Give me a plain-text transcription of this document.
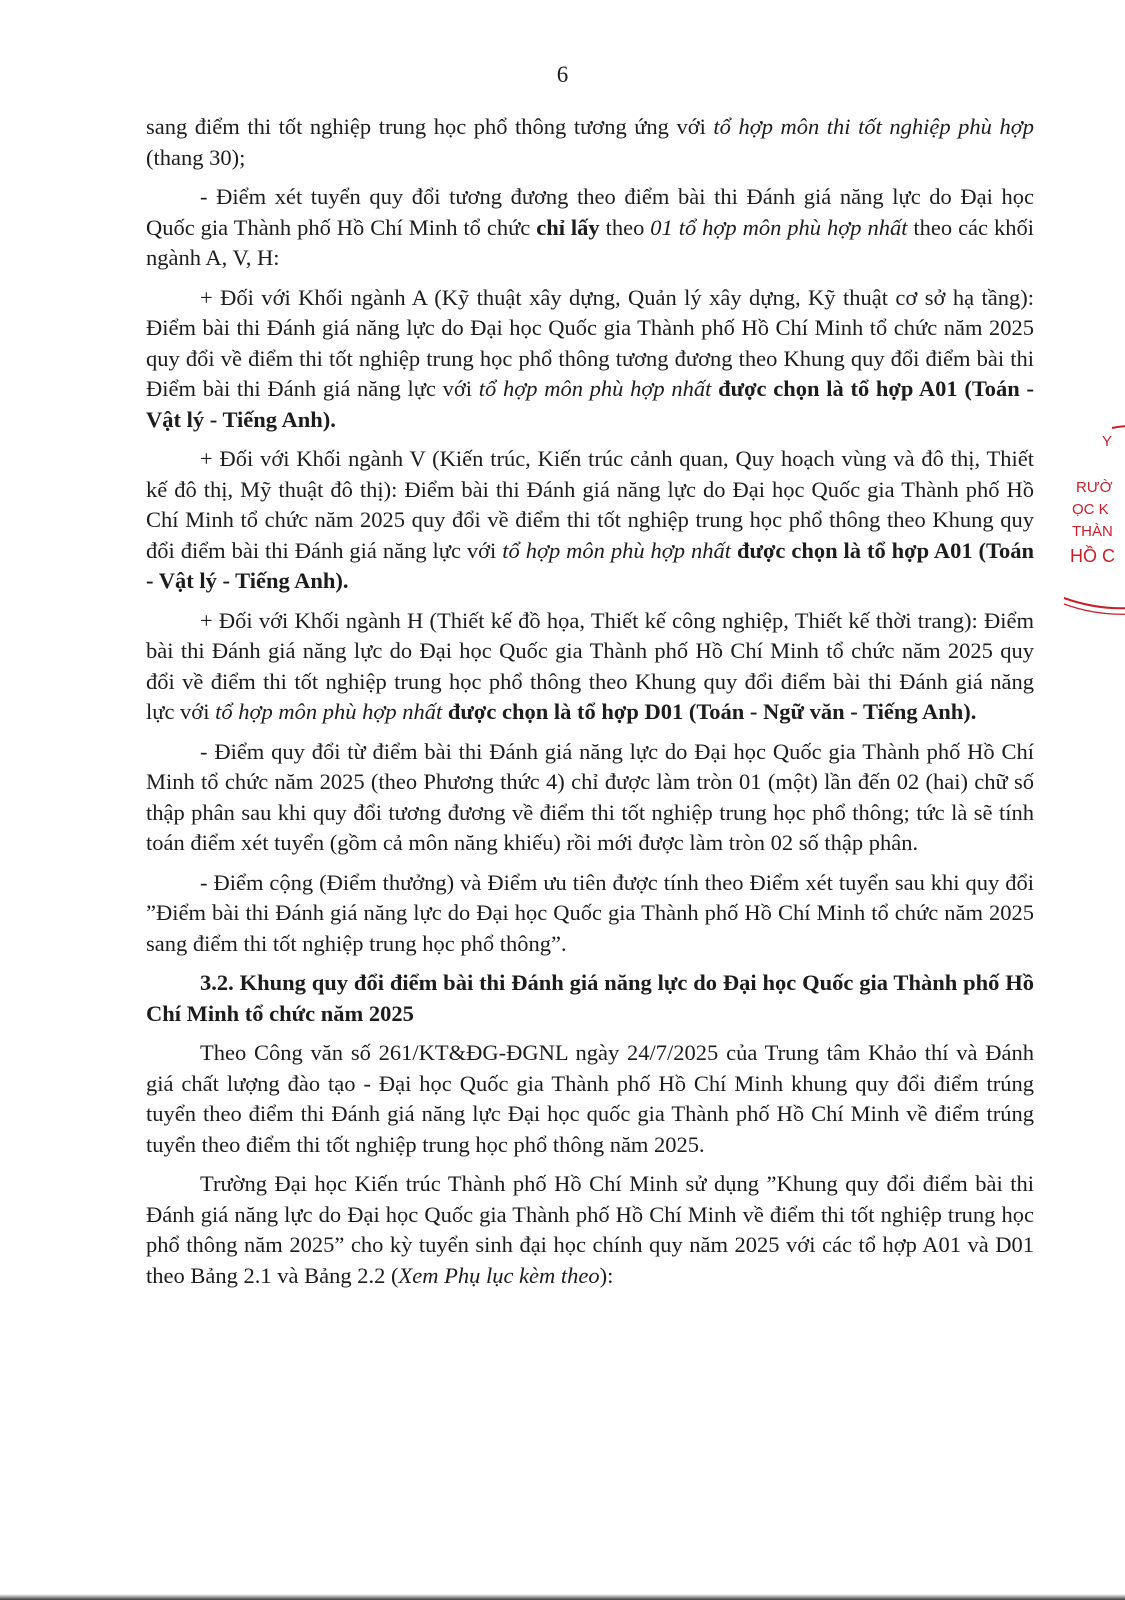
6

sang điểm thi tốt nghiệp trung học phổ thông tương ứng với tổ hợp môn thi tốt nghiệp phù hợp (thang 30);

- Điểm xét tuyển quy đổi tương đương theo điểm bài thi Đánh giá năng lực do Đại học Quốc gia Thành phố Hồ Chí Minh tổ chức chỉ lấy theo 01 tổ hợp môn phù hợp nhất theo các khối ngành A, V, H:

+ Đối với Khối ngành A (Kỹ thuật xây dựng, Quản lý xây dựng, Kỹ thuật cơ sở hạ tầng): Điểm bài thi Đánh giá năng lực do Đại học Quốc gia Thành phố Hồ Chí Minh tổ chức năm 2025 quy đổi về điểm thi tốt nghiệp trung học phổ thông tương đương theo Khung quy đổi điểm bài thi Điểm bài thi Đánh giá năng lực với tổ hợp môn phù hợp nhất được chọn là tổ hợp A01 (Toán - Vật lý - Tiếng Anh).

+ Đối với Khối ngành V (Kiến trúc, Kiến trúc cảnh quan, Quy hoạch vùng và đô thị, Thiết kế đô thị, Mỹ thuật đô thị): Điểm bài thi Đánh giá năng lực do Đại học Quốc gia Thành phố Hồ Chí Minh tổ chức năm 2025 quy đổi về điểm thi tốt nghiệp trung học phổ thông theo Khung quy đổi điểm bài thi Đánh giá năng lực với tổ hợp môn phù hợp nhất được chọn là tổ hợp A01 (Toán - Vật lý - Tiếng Anh).

+ Đối với Khối ngành H (Thiết kế đồ họa, Thiết kế công nghiệp, Thiết kế thời trang): Điểm bài thi Đánh giá năng lực do Đại học Quốc gia Thành phố Hồ Chí Minh tổ chức năm 2025 quy đổi về điểm thi tốt nghiệp trung học phổ thông theo Khung quy đổi điểm bài thi Đánh giá năng lực với tổ hợp môn phù hợp nhất được chọn là tổ hợp D01 (Toán - Ngữ văn - Tiếng Anh).

- Điểm quy đổi từ điểm bài thi Đánh giá năng lực do Đại học Quốc gia Thành phố Hồ Chí Minh tổ chức năm 2025 (theo Phương thức 4) chỉ được làm tròn 01 (một) lần đến 02 (hai) chữ số thập phân sau khi quy đổi tương đương về điểm thi tốt nghiệp trung học phổ thông; tức là sẽ tính toán điểm xét tuyển (gồm cả môn năng khiếu) rồi mới được làm tròn 02 số thập phân.

- Điểm cộng (Điểm thưởng) và Điểm ưu tiên được tính theo Điểm xét tuyển sau khi quy đổi ”Điểm bài thi Đánh giá năng lực do Đại học Quốc gia Thành phố Hồ Chí Minh tổ chức năm 2025 sang điểm thi tốt nghiệp trung học phổ thông”.

3.2. Khung quy đổi điểm bài thi Đánh giá năng lực do Đại học Quốc gia Thành phố Hồ Chí Minh tổ chức năm 2025

Theo Công văn số 261/KT&ĐG-ĐGNL ngày 24/7/2025 của Trung tâm Khảo thí và Đánh giá chất lượng đào tạo - Đại học Quốc gia Thành phố Hồ Chí Minh khung quy đổi điểm trúng tuyển theo điểm thi Đánh giá năng lực Đại học quốc gia Thành phố Hồ Chí Minh về điểm trúng tuyển theo điểm thi tốt nghiệp trung học phổ thông năm 2025.

Trường Đại học Kiến trúc Thành phố Hồ Chí Minh sử dụng ”Khung quy đổi điểm bài thi Đánh giá năng lực do Đại học Quốc gia Thành phố Hồ Chí Minh về điểm thi tốt nghiệp trung học phổ thông năm 2025” cho kỳ tuyển sinh đại học chính quy năm 2025 với các tổ hợp A01 và D01 theo Bảng 2.1 và Bảng 2.2 (Xem Phụ lục kèm theo):

Y
RƯỜ
ỌC K
THÀN
HỒ C
